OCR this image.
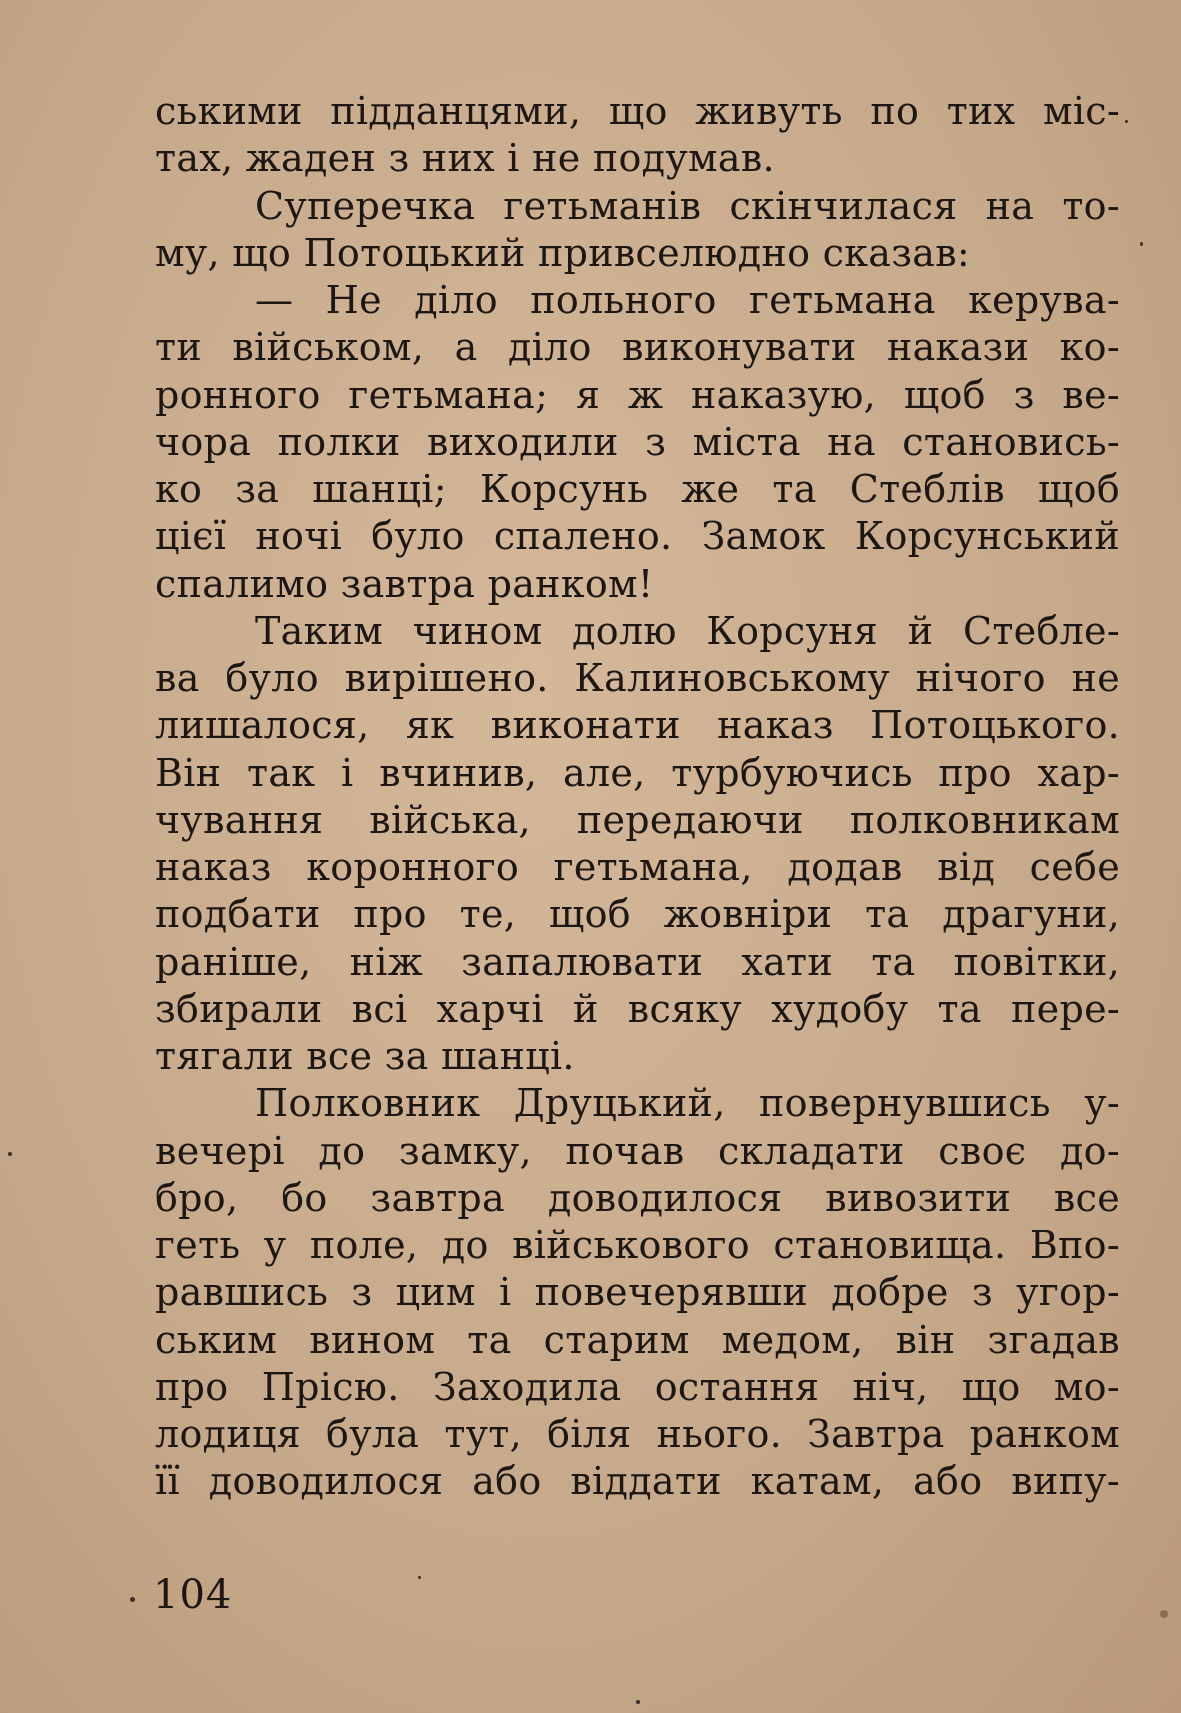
ськими підданцями, що живуть по тих міс-
тах, жаден з них і не подумав.
Суперечка гетьманів скінчилася на то-
му, що Потоцький привселюдно сказав:
— Не діло польного гетьмана керува-
ти військом, а діло виконувати накази ко-
ронного гетьмана; я ж наказую, щоб з ве-
чора полки виходили з міста на становись-
ко за шанці; Корсунь же та Стеблів щоб
цієї ночі було спалено. Замок Корсунський
спалимо завтра ранком!
Таким чином долю Корсуня й Стебле-
ва було вирішено. Калиновському нічого не
лишалося, як виконати наказ Потоцького.
Він так і вчинив, але, турбуючись про хар-
чування війська, передаючи полковникам
наказ коронного гетьмана, додав від себе
подбати про те, щоб жовніри та драгуни,
раніше, ніж запалювати хати та повітки,
збирали всі харчі й всяку худобу та пере-
тягали все за шанці.
Полковник Друцький, повернувшись у-
вечері до замку, почав складати своє до-
бро, бо завтра доводилося вивозити все
геть у поле, до військового становища. Впо-
равшись з цим і повечерявши добре з угор-
ським вином та старим медом, він згадав
про Прісю. Заходила остання ніч, що мо-
лодиця була тут, біля нього. Завтра ранком
її доводилося або віддати катам, або випу-
104
